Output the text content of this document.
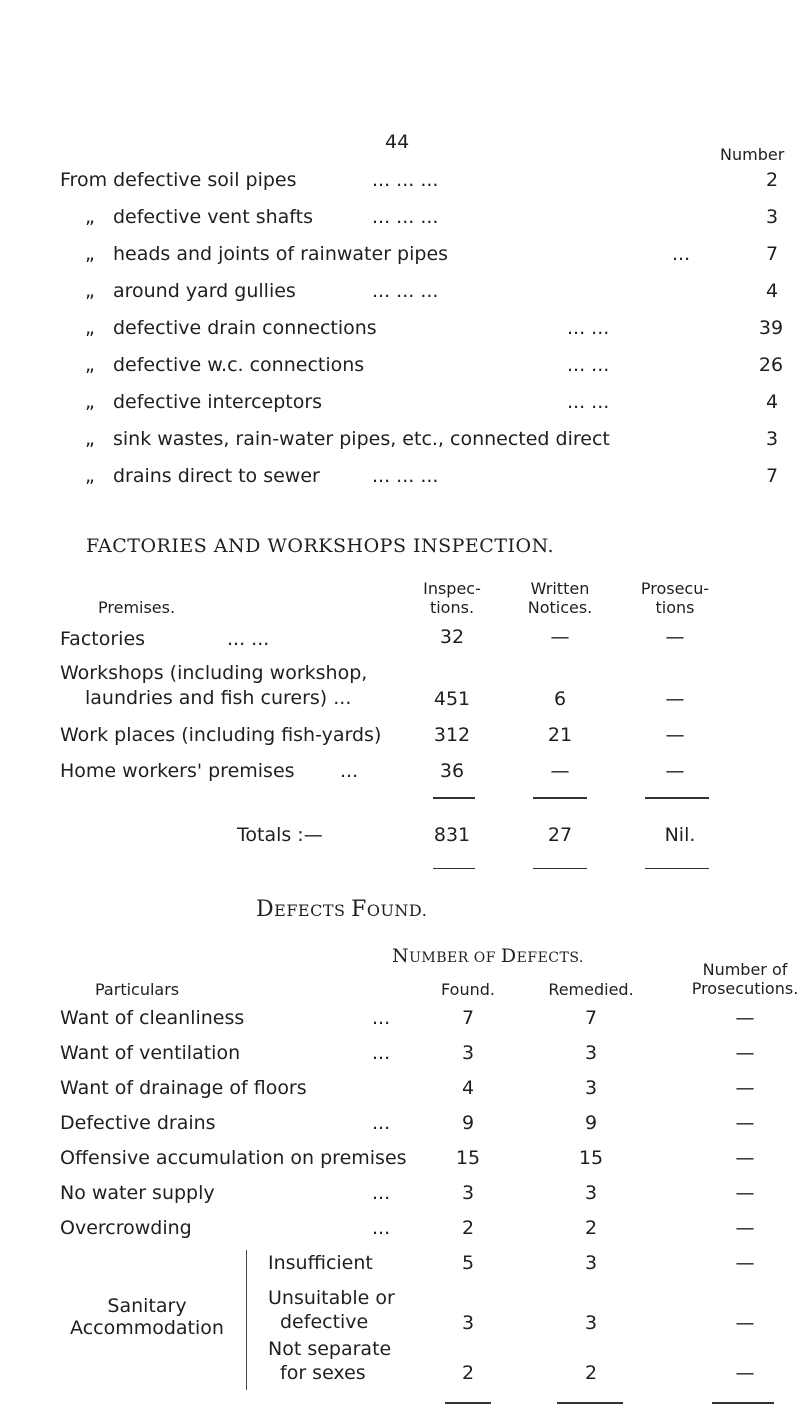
44
Number
From defective soil pipes	... ... ...	2
„ defective vent shafts	... ... ...	3
„ heads and joints of rainwater pipes	...	7
„ around yard gullies	... ... ...	4
„ defective drain connections	... ...	39
„ defective w.c. connections	... ...	26
„ defective interceptors	... ...	4
„ sink wastes, rain-water pipes, etc., connected direct	3
„ drains direct to sewer	... ... ...	7
FACTORIES AND WORKSHOPS INSPECTION.
Premises.
Inspec-
tions.
Written
Notices.
Prosecu-
tions
Factories	... ...	32	—	—
Workshops (including workshop,
laundries and fish curers) ...	451	6	—
Work places (including fish-yards)	312	21	—
Home workers' premises ...	36	—	—
Totals :—	831	27	Nil.
DEFECTS FOUND.
NUMBER OF DEFECTS.
Number of
Prosecutions.
Particulars	Found.	Remedied.
Want of cleanliness	...	7	7	—
Want of ventilation	...	3	3	—
Want of drainage of floors	4	3	—
Defective drains	...	9	9	—
Offensive accumulation on premises	15	15	—
No water supply	...	3	3	—
Overcrowding	...	2	2	—
Sanitary
Accommodation
Insufficient	5	3	—
Unsuitable or
defective	3	3	—
Not separate
for sexes	2	2	—
